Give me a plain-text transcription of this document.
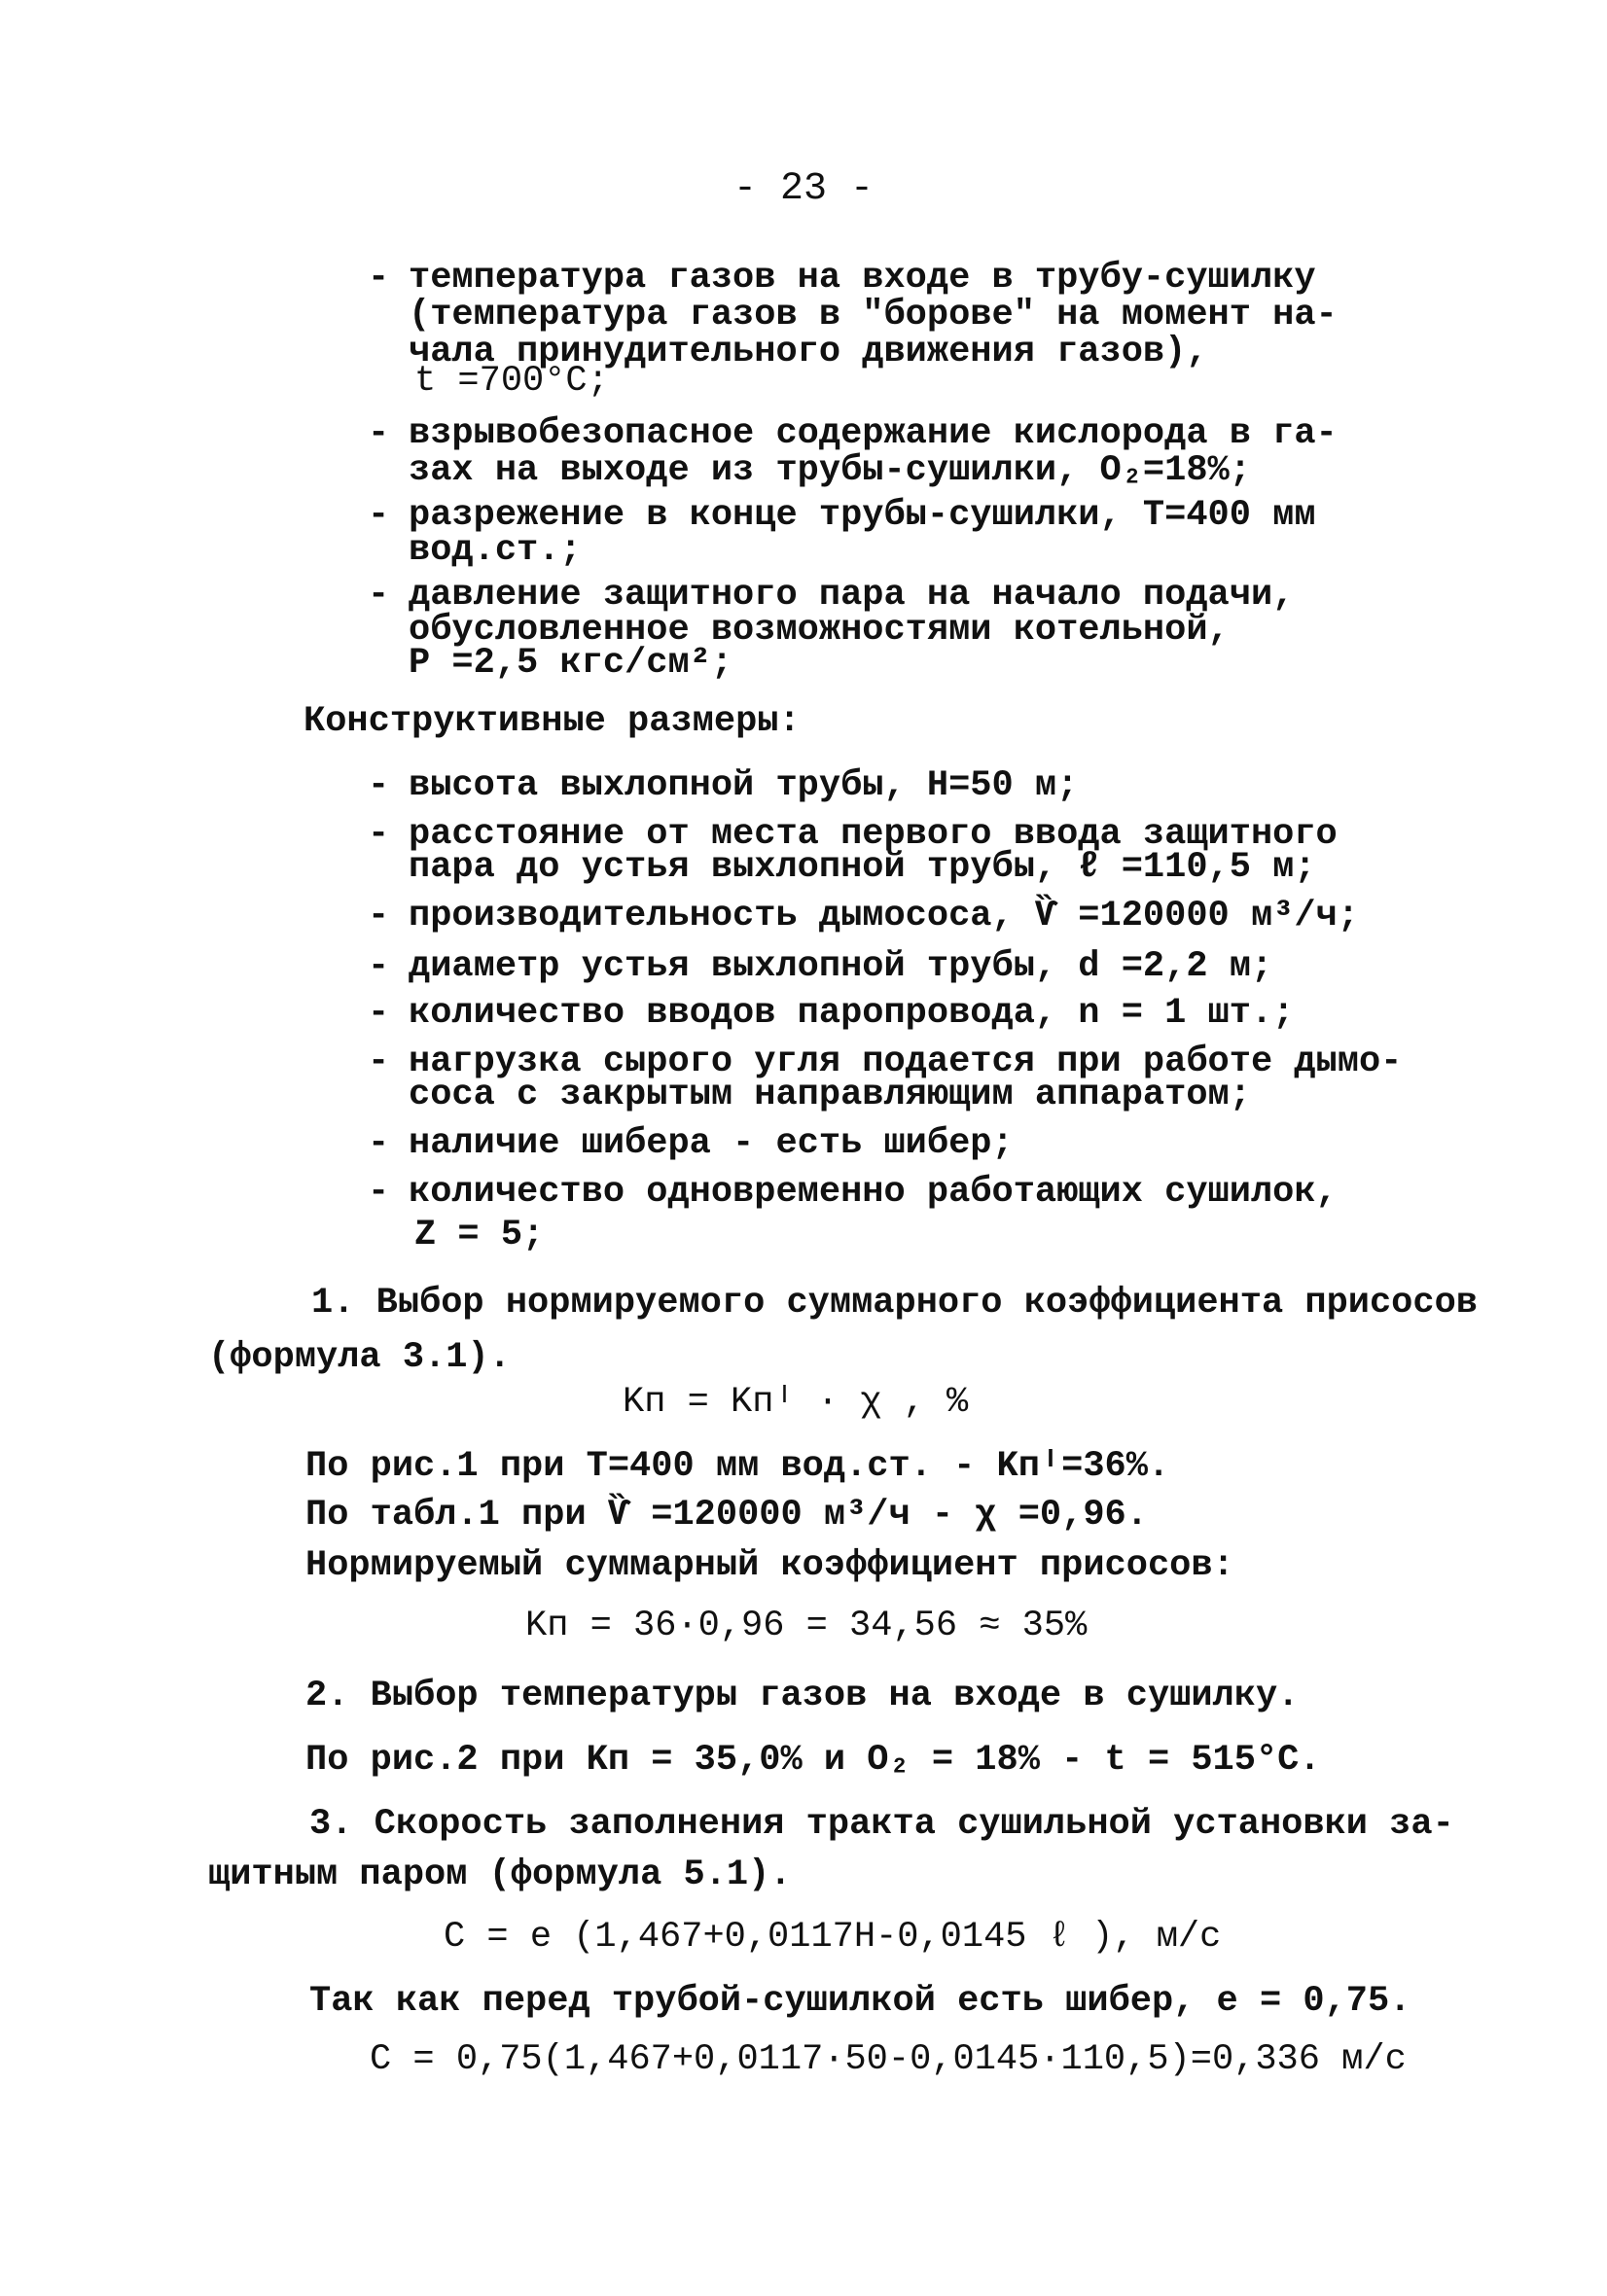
- 23 -
- температура газов на входе в трубу-сушилку
(температура газов в "борове" на момент на-
чала принудительного движения газов),
t =700°C;
- взрывобезопасное содержание кислорода в га-
зах на выходе из трубы-сушилки, O₂=18%;
- разрежение в конце трубы-сушилки, T=400 мм
вод.ст.;
- давление защитного пара на начало подачи,
обусловленное возможностями котельной,
P =2,5 кгс/см²;
Конструктивные размеры:
- высота выхлопной трубы, H=50 м;
- расстояние от места первого ввода защитного
пара до устья выхлопной трубы, ℓ =110,5 м;
- производительность дымососа, Ѷ =120000 м³/ч;
- диаметр устья выхлопной трубы, d =2,2 м;
- количество вводов паропровода, n = 1 шт.;
- нагрузка сырого угля подается при работе дымо-
coca с закрытым направляющим аппаратом;
- наличие шибера - есть шибер;
- количество одновременно работающих сушилок,
Z = 5;
1. Выбор нормируемого суммарного коэффициента присосов
(формула 3.1).
Kп = Kпᴵ · χ , %
По рис.1 при T=400 мм вод.ст. - Kпᴵ=36%.
По табл.1 при Ѷ =120000 м³/ч - χ =0,96.
Нормируемый суммарный коэффициент присосов:
Kп = 36·0,96 = 34,56 ≈ 35%
2. Выбор температуры газов на входе в сушилку.
По рис.2 при Kп = 35,0% и O₂ = 18% - t = 515°C.
3. Скорость заполнения тракта сушильной установки за-
щитным паром (формула 5.1).
C = e (1,467+0,0117H-0,0145 ℓ ), м/с
Так как перед трубой-сушилкой есть шибер, e = 0,75.
C = 0,75(1,467+0,0117·50-0,0145·110,5)=0,336 м/с
